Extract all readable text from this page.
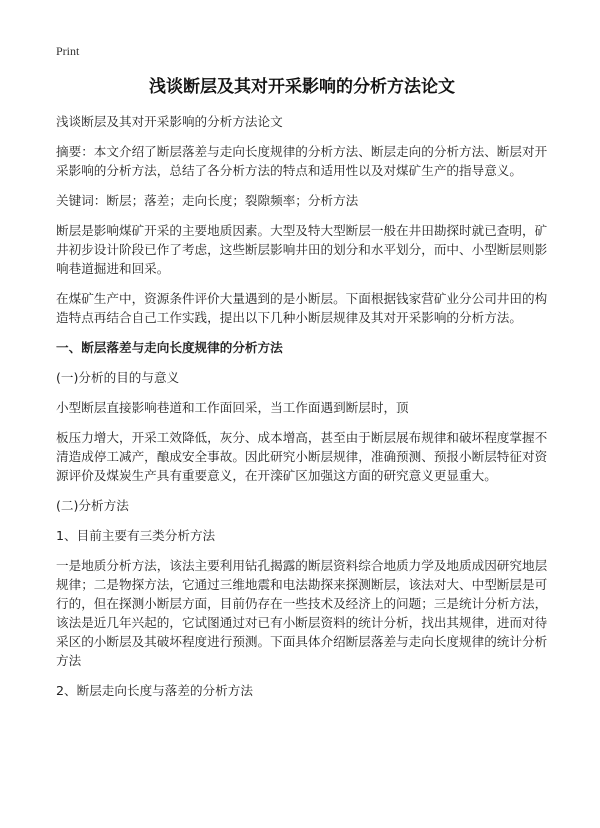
Print
浅谈断层及其对开采影响的分析方法论文

浅谈断层及其对开采影响的分析方法论文

摘要：本文介绍了断层落差与走向长度规律的分析方法、断层走向的分析方法、断层对开采影响的分析方法，总结了各分析方法的特点和适用性以及对煤矿生产的指导意义。

关键词：断层；落差；走向长度；裂隙频率；分析方法

断层是影响煤矿开采的主要地质因素。大型及特大型断层一般在井田勘探时就已查明，矿井初步设计阶段已作了考虑，这些断层影响井田的划分和水平划分，而中、小型断层则影响巷道掘进和回采。

在煤矿生产中，资源条件评价大量遇到的是小断层。下面根据钱家营矿业分公司井田的构造特点再结合自己工作实践，提出以下几种小断层规律及其对开采影响的分析方法。

一、断层落差与走向长度规律的分析方法

(一)分析的目的与意义

小型断层直接影响巷道和工作面回采，当工作面遇到断层时，顶

板压力增大，开采工效降低，灰分、成本增高，甚至由于断层展布规律和破坏程度掌握不清造成停工减产，酿成安全事故。因此研究小断层规律，准确预测、预报小断层特征对资源评价及煤炭生产具有重要意义，在开滦矿区加强这方面的研究意义更显重大。

(二)分析方法

1、目前主要有三类分析方法

一是地质分析方法，该法主要利用钻孔揭露的断层资料综合地质力学及地质成因研究地层规律；二是物探方法，它通过三维地震和电法勘探来探测断层，该法对大、中型断层是可行的，但在探测小断层方面，目前仍存在一些技术及经济上的问题；三是统计分析方法，该法是近几年兴起的，它试图通过对已有小断层资料的统计分析，找出其规律，进而对待采区的小断层及其破坏程度进行预测。下面具体介绍断层落差与走向长度规律的统计分析方法

2、断层走向长度与落差的分析方法
